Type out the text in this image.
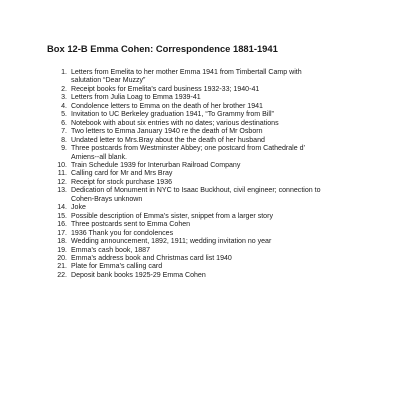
Box 12-B Emma Cohen: Correspondence 1881-1941
1. Letters from Emelita to her mother Emma 1941 from Timbertall Camp with
salutation “Dear Muzzy”
2. Receipt books for Emelita’s card business 1932-33; 1940-41
3. Letters from Julia Loag to Emma 1939-41
4. Condolence letters to Emma on the death of her brother 1941
5. Invitation to UC Berkeley graduation 1941, “To Grammy from Bill”
6. Notebook with about six entries with no dates; various destinations
7. Two letters to Emma January 1940 re the death of Mr Osborn
8. Undated letter to Mrs.Bray about the the death of her husband
9. Three postcards from Westminster Abbey; one postcard from Cathedrale d’
Amiens--all blank.
10. Train Schedule 1939 for Interurban Railroad Company
11. Calling card for Mr and Mrs Bray
12. Receipt for stock purchase 1936
13. Dedication of Monument in NYC to Isaac Buckhout, civil engineer; connection to
Cohen-Brays unknown
14. Joke
15. Possible description of Emma’s sister, snippet from a larger story
16. Three postcards sent to Emma Cohen
17. 1936 Thank you for condolences
18. Wedding announcement, 1892, 1911; wedding invitation no year
19. Emma’s cash book, 1887
20. Emma’s address book and Christmas card list 1940
21. Plate for Emma’s calling card
22. Deposit bank books 1925-29 Emma Cohen
